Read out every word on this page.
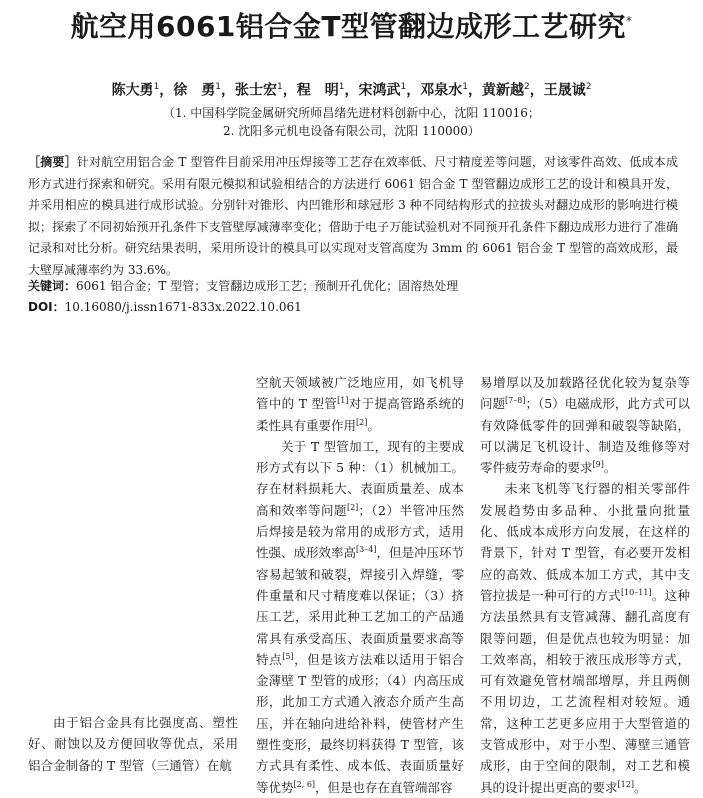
航空用6061铝合金T型管翻边成形工艺研究*
陈大勇$^1$，徐　勇$^1$，张士宏$^1$，程　明$^1$，宋鸿武$^1$，邓泉水$^1$，黄新越$^2$，王晟诚$^2$
（1. 中国科学院金属研究所师昌绪先进材料创新中心，沈阳 110016；
2. 沈阳多元机电设备有限公司，沈阳 110000）
［摘要］针对航空用铝合金 T 型管件目前采用冲压焊接等工艺存在效率低、尺寸精度差等问题，对该零件高效、低成本成形方式进行探索和研究。采用有限元模拟和试验相结合的方法进行 6061 铝合金 T 型管翻边成形工艺的设计和模具开发，并采用相应的模具进行成形试验。分别针对锥形、内凹锥形和球冠形 3 种不同结构形式的拉拔头对翻边成形的影响进行模拟；探索了不同初始预开孔条件下支管壁厚减薄率变化；借助于电子万能试验机对不同预开孔条件下翻边成形力进行了准确记录和对比分析。研究结果表明，采用所设计的模具可以实现对支管高度为 3mm 的 6061 铝合金 T 型管的高效成形，最大壁厚减薄率约为 33.6%。
关键词：6061 铝合金；T 型管；支管翻边成形工艺；预制开孔优化；固溶热处理
DOI：10.16080/j.issn1671-833x.2022.10.061

由于铝合金具有比强度高、塑性好、耐蚀以及方便回收等优点，采用铝合金制备的 T 型管（三通管）在航

空航天领域被广泛地应用，如飞机导管中的 T 型管[1]对于提高管路系统的柔性具有重要作用[2]。

关于 T 型管加工，现有的主要成形方式有以下 5 种：（1）机械加工。存在材料损耗大、表面质量差、成本高和效率等问题[2]；（2）半管冲压然后焊接是较为常用的成形方式，适用性强、成形效率高[3–4]，但是冲压环节容易起皱和破裂，焊接引入焊缝，零件重量和尺寸精度难以保证；（3）挤压工艺，采用此种工艺加工的产品通常具有承受高压、表面质量要求高等特点[5]，但是该方法难以适用于铝合金薄壁 T 型管的成形；（4）内高压成形，此加工方式通入液态介质产生高压，并在轴向进给补料，使管材产生塑性变形，最终切料获得 T 型管，该方式具有柔性、成本低、表面质量好等优势[2, 6]，但是也存在直管端部容

易增厚以及加载路径优化较为复杂等问题[7–8]；（5）电磁成形，此方式可以有效降低零件的回弹和破裂等缺陷，可以满足飞机设计、制造及维修等对零件疲劳寿命的要求[9]。

未来飞机等飞行器的相关零部件发展趋势由多品种、小批量向批量化、低成本成形方向发展，在这样的背景下，针对 T 型管，有必要开发相应的高效、低成本加工方式，其中支管拉拔是一种可行的方式[10–11]。这种方法虽然具有支管减薄、翻孔高度有限等问题，但是优点也较为明显：加工效率高，相较于液压成形等方式，可有效避免管材端部增厚，并且两侧不用切边，工艺流程相对较短。通常，这种工艺更多应用于大型管道的支管成形中，对于小型、薄壁三通管成形，由于空间的限制，对工艺和模具的设计提出更高的要求[12]。
